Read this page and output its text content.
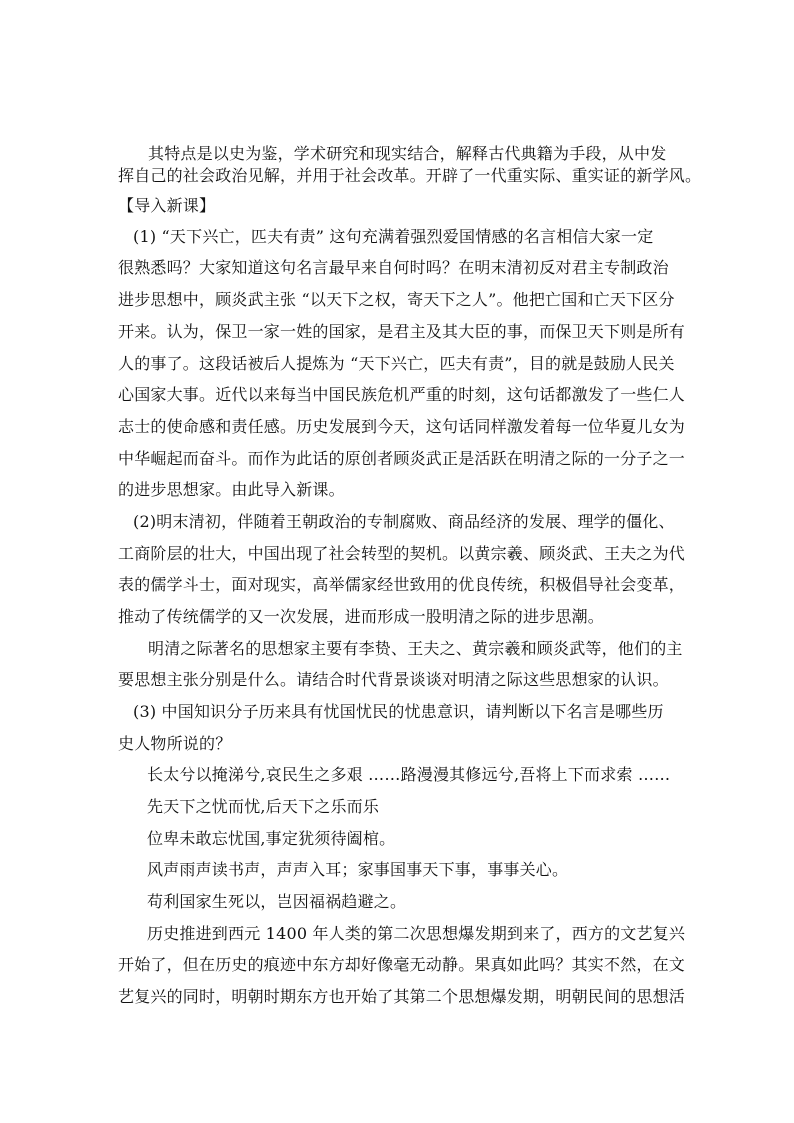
其特点是以史为鉴，学术研究和现实结合，解释古代典籍为手段，从中发
挥自己的社会政治见解，并用于社会改革。开辟了一代重实际、重实证的新学风。
【导入新课】
(1) “天下兴亡，匹夫有责” 这句充满着强烈爱国情感的名言相信大家一定
很熟悉吗？大家知道这句名言最早来自何时吗？在明末清初反对君主专制政治
进步思想中，顾炎武主张 “以天下之权，寄天下之人”。他把亡国和亡天下区分
开来。认为，保卫一家一姓的国家，是君主及其大臣的事，而保卫天下则是所有
人的事了。这段话被后人提炼为 “天下兴亡，匹夫有责”，目的就是鼓励人民关
心国家大事。近代以来每当中国民族危机严重的时刻，这句话都激发了一些仁人
志士的使命感和责任感。历史发展到今天，这句话同样激发着每一位华夏儿女为
中华崛起而奋斗。而作为此话的原创者顾炎武正是活跃在明清之际的一分子之一
的进步思想家。由此导入新课。
(2)明末清初，伴随着王朝政治的专制腐败、商品经济的发展、理学的僵化、
工商阶层的壮大，中国出现了社会转型的契机。以黄宗羲、顾炎武、王夫之为代
表的儒学斗士，面对现实，高举儒家经世致用的优良传统，积极倡导社会变革，
推动了传统儒学的又一次发展，进而形成一股明清之际的进步思潮。
明清之际著名的思想家主要有李贽、王夫之、黄宗羲和顾炎武等，他们的主
要思想主张分别是什么。请结合时代背景谈谈对明清之际这些思想家的认识。
(3) 中国知识分子历来具有忧国忧民的忧患意识，请判断以下名言是哪些历
史人物所说的？
长太兮以掩涕兮,哀民生之多艰 ……路漫漫其修远兮,吾将上下而求索 ……
先天下之忧而忧,后天下之乐而乐
位卑未敢忘忧国,事定犹须待阖棺。
风声雨声读书声，声声入耳；家事国事天下事，事事关心。
苟利国家生死以，岂因福祸趋避之。
历史推进到西元 1400 年人类的第二次思想爆发期到来了，西方的文艺复兴
开始了，但在历史的痕迹中东方却好像毫无动静。果真如此吗？其实不然，在文
艺复兴的同时，明朝时期东方也开始了其第二个思想爆发期，明朝民间的思想活
